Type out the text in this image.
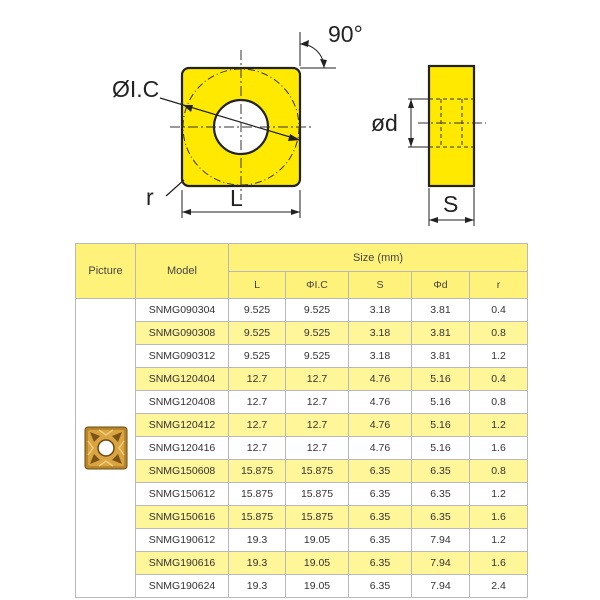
90°
ØI.C
r	L
ød
S
Picture	Model	Size (mm)				
		L	ΦI.C	S	Φd	r

	SNMG090304	9.525	9.525	3.18	3.81	0.4
	SNMG090308	9.525	9.525	3.18	3.81	0.8
	SNMG090312	9.525	9.525	3.18	3.81	1.2
	SNMG120404	12.7	12.7	4.76	5.16	0.4
	SNMG120408	12.7	12.7	4.76	5.16	0.8
	SNMG120412	12.7	12.7	4.76	5.16	1.2
	SNMG120416	12.7	12.7	4.76	5.16	1.6
	SNMG150608	15.875	15.875	6.35	6.35	0.8
	SNMG150612	15.875	15.875	6.35	6.35	1.2
	SNMG150616	15.875	15.875	6.35	6.35	1.6
	SNMG190612	19.3	19.05	6.35	7.94	1.2
	SNMG190616	19.3	19.05	6.35	7.94	1.6
	SNMG190624	19.3	19.05	6.35	7.94	2.4
